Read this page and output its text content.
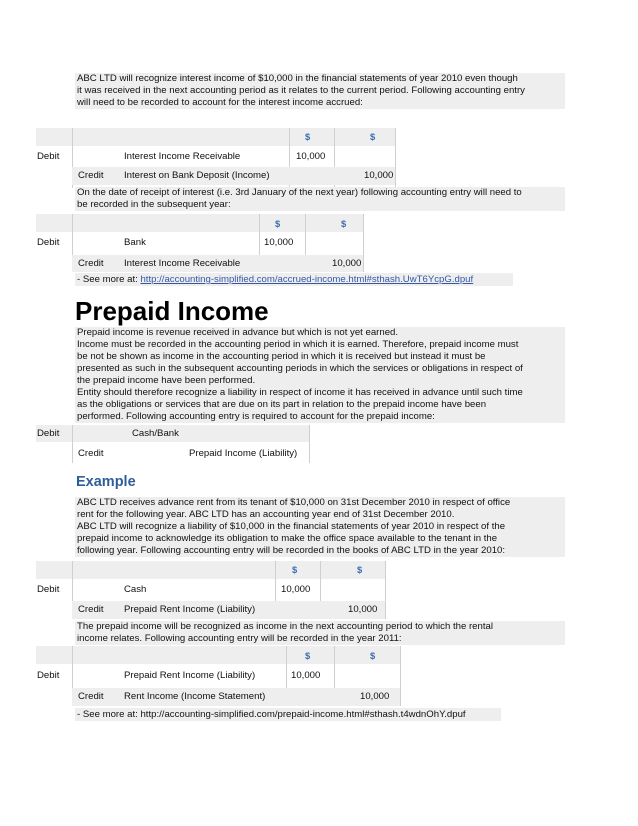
ABC LTD will recognize interest income of $10,000 in the financial statements of year 2010 even though
it was received in the next accounting period as it relates to the current period. Following accounting entry
will need to be recorded to account for the interest income accrued:
$	$
Debit	Interest Income Receivable	10,000
Credit Interest on Bank Deposit (Income)	10,000
On the date of receipt of interest (i.e. 3rd January of the next year) following accounting entry will need to
be recorded in the subsequent year:
$	$
Debit	Bank	10,000
Credit Interest Income Receivable	10,000
- See more at: http://accounting-simplified.com/accrued-income.html#sthash.UwT6YcpG.dpuf
Prepaid Income
Prepaid income is revenue received in advance but which is not yet earned.
Income must be recorded in the accounting period in which it is earned. Therefore, prepaid income must
be not be shown as income in the accounting period in which it is received but instead it must be
presented as such in the subsequent accounting periods in which the services or obligations in respect of
the prepaid income have been performed.
Entity should therefore recognize a liability in respect of income it has received in advance until such time
as the obligations or services that are due on its part in relation to the prepaid income have been
performed. Following accounting entry is required to account for the prepaid income:
Debit	Cash/Bank
Credit	Prepaid Income (Liability)
Example
ABC LTD receives advance rent from its tenant of $10,000 on 31st December 2010 in respect of office
rent for the following year. ABC LTD has an accounting year end of 31st December 2010.
ABC LTD will recognize a liability of $10,000 in the financial statements of year 2010 in respect of the
prepaid income to acknowledge its obligation to make the office space available to the tenant in the
following year. Following accounting entry will be recorded in the books of ABC LTD in the year 2010:
$	$
Debit	Cash	10,000
Credit Prepaid Rent Income (Liability)	10,000
The prepaid income will be recognized as income in the next accounting period to which the rental
income relates. Following accounting entry will be recorded in the year 2011:
$	$
Debit	Prepaid Rent Income (Liability)	10,000
Credit Rent Income (Income Statement)	10,000
- See more at: http://accounting-simplified.com/prepaid-income.html#sthash.t4wdnOhY.dpuf
